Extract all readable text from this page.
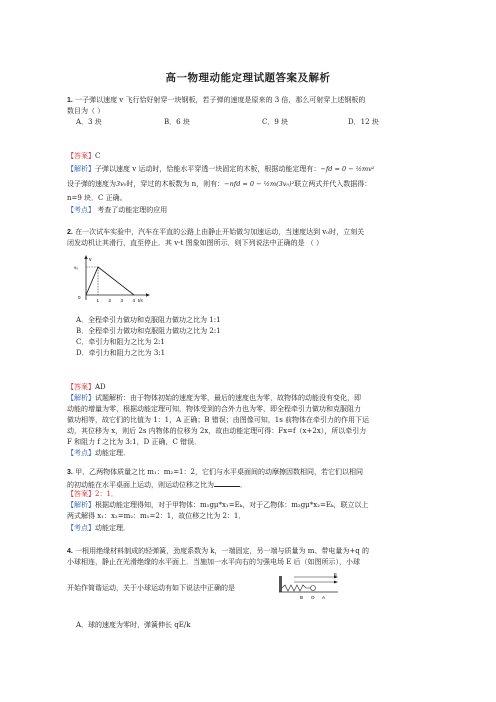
高一物理动能定理试题答案及解析
1. 一子弹以速度 v 飞行恰好射穿一块钢板，若子弹的速度是原来的 3 倍，那么可射穿上述钢板的
数目为（ ）
A．3 块	B．6 块	C．9 块	D．12 块
【答案】C
【解析】子弹以速度 v 运动时，恰能水平穿透一块固定的木板，根据动能定理有：−fd = 0 − ½mv²
设子弹的速度为3v₀时，穿过的木板数为 n，则有：−nfd = 0 − ½m(3v₀)²联立两式并代入数据得：
n=9 块．C 正确。
【考点】 考查了动能定理的应用
2. 在一次试车实验中，汽车在平直的公路上由静止开始做匀加速运动，当速度达到 v₀时，立刻关
闭发动机让其滑行，直至停止．其 v-t 图象如图所示．则下列说法中正确的是 （ ）
v
v₀
0
1 2 3 4 t/s
A．全程牵引力做功和克服阻力做功之比为 1:1
B．全程牵引力做功和克服阻力做功之比为 2:1
C．牵引力和阻力之比为 2:1
D．牵引力和阻力之比为 3:1
【答案】AD
【解析】试题解析：由于物体初始的速度为零，最后的速度也为零，故物体的动能没有变化，即
动能的增量为零，根据动能定理可知，物体受到的合外力也为零，即全程牵引力做功和克服阻力
做功相等，故它们的比值为 1：1，A 正确；B 错误；由图像可知，1s 前物体在牵引力的作用下运
动，其位移为 x，则后 2s 内物体的位移为 2x，故由动能定理可得：Fx=f（x+2x），所以牵引力
F 和阻力 f 之比为 3:1，D 正确，C 错误．
【考点】动能定理．
3. 甲、乙两物体质量之比 m₁：m₂=1：2，它们与水平桌面间的动摩擦因数相同，若它们以相同
的初动能在水平桌面上运动，则运动位移之比为	．
【答案】2：1．
【解析】根据动能定理得知，对于甲物体：m₁gμ*x₁=Eₖ，对于乙物体：m₂gμ*x₂=Eₖ，联立以上
两式解得 x₁：x₂=m₂：m₁=2：1，故位移之比为 2：1．
【考点】动能定理．
4. 一根用绝缘材料制成的轻弹簧，劲度系数为 k，一端固定，另一端与质量为 m、带电量为+q 的
小球相连，静止在光滑绝缘的水平面上．当施加一水平向右的匀强电场 E 后（如图所示），小球
开始作简谐运动，关于小球运动有如下说法中正确的是
E
B O A
A．球的速度为零时，弹簧伸长 qE/k
